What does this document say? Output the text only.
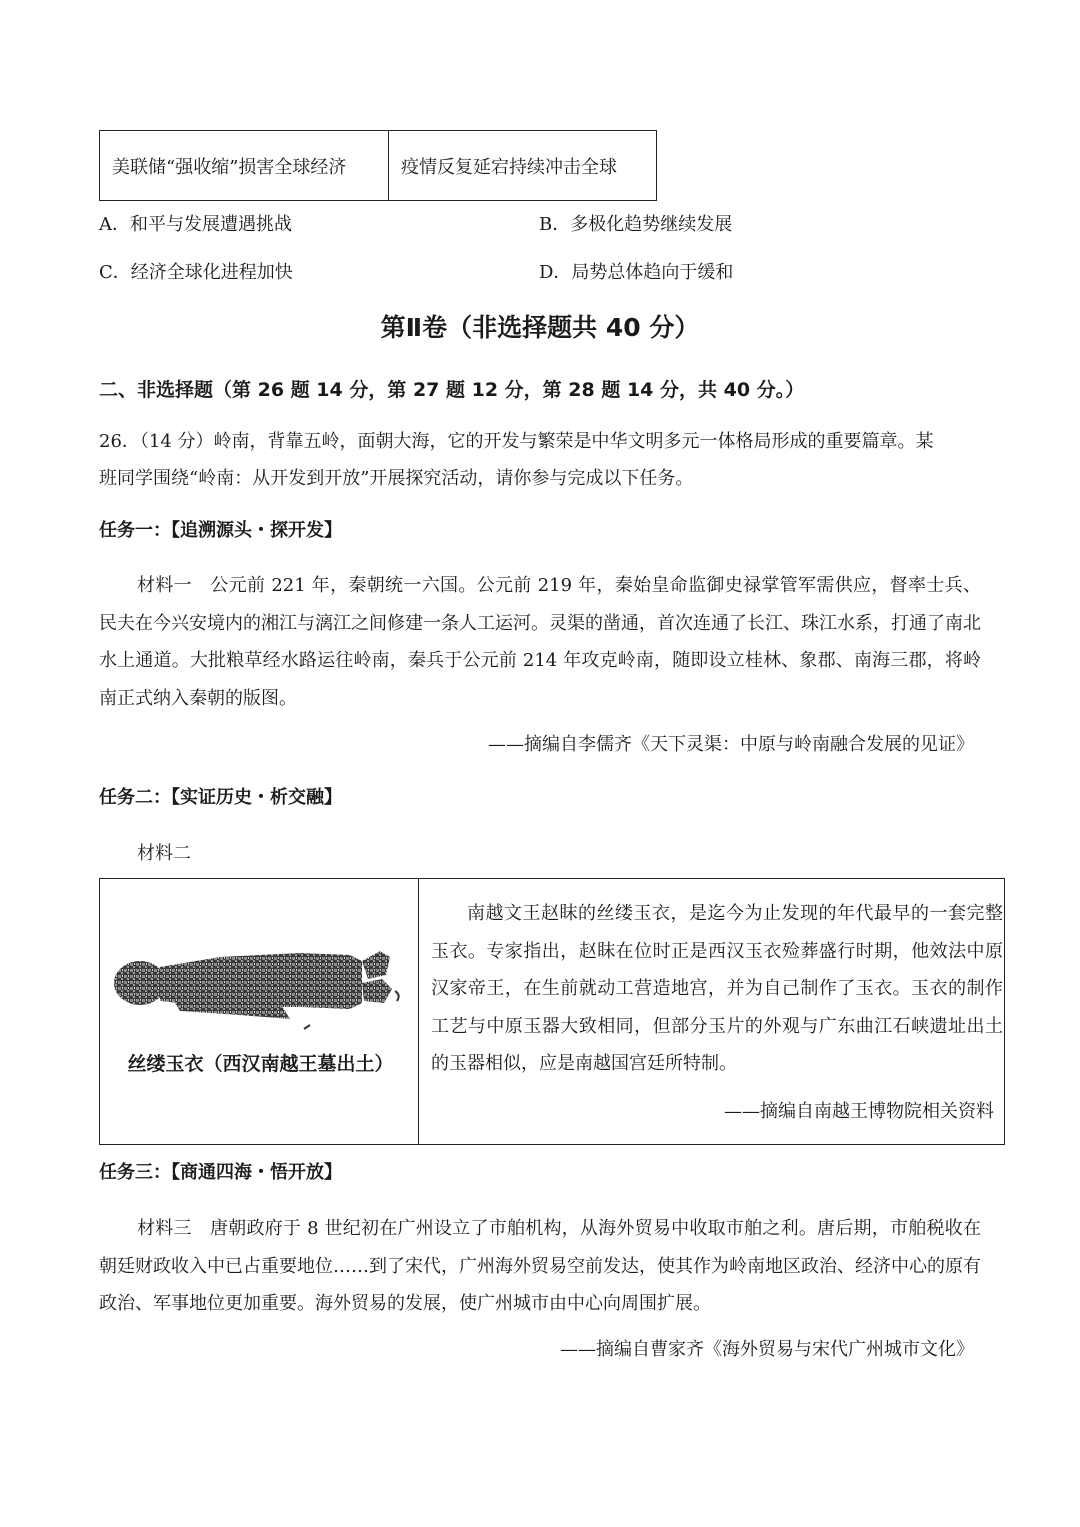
美联储“强收缩”损害全球经济	疫情反复延宕持续冲击全球
A．和平与发展遭遇挑战	B．多极化趋势继续发展
C．经济全球化进程加快	D．局势总体趋向于缓和
第Ⅱ卷（非选择题共 40 分）
二、非选择题（第 26 题 14 分，第 27 题 12 分，第 28 题 14 分，共 40 分。）
26．（14 分）岭南，背靠五岭，面朝大海，它的开发与繁荣是中华文明多元一体格局形成的重要篇章。某
班同学围绕“岭南：从开发到开放”开展探究活动，请你参与完成以下任务。
任务一：【追溯源头・探开发】
材料一　公元前 221 年，秦朝统一六国。公元前 219 年，秦始皇命监御史禄掌管军需供应，督率士兵、民夫在今兴安境内的湘江与漓江之间修建一条人工运河。灵渠的凿通，首次连通了长江、珠江水系，打通了南北水上通道。大批粮草经水路运往岭南，秦兵于公元前 214 年攻克岭南，随即设立桂林、象郡、南海三郡，将岭南正式纳入秦朝的版图。
——摘编自李儒齐《天下灵渠：中原与岭南融合发展的见证》
任务二：【实证历史・析交融】
材料二
丝缕玉衣（西汉南越王墓出土）
南越文王赵眜的丝缕玉衣，是迄今为止发现的年代最早的一套完整玉衣。专家指出，赵眜在位时正是西汉玉衣殓葬盛行时期，他效法中原汉家帝王，在生前就动工营造地宫，并为自己制作了玉衣。玉衣的制作工艺与中原玉器大致相同，但部分玉片的外观与广东曲江石峡遗址出土的玉器相似，应是南越国宫廷所特制。
——摘编自南越王博物院相关资料
任务三：【商通四海・悟开放】
材料三　唐朝政府于 8 世纪初在广州设立了市舶机构，从海外贸易中收取市舶之利。唐后期，市舶税收在朝廷财政收入中已占重要地位……到了宋代，广州海外贸易空前发达，使其作为岭南地区政治、经济中心的原有政治、军事地位更加重要。海外贸易的发展，使广州城市由中心向周围扩展。
——摘编自曹家齐《海外贸易与宋代广州城市文化》
